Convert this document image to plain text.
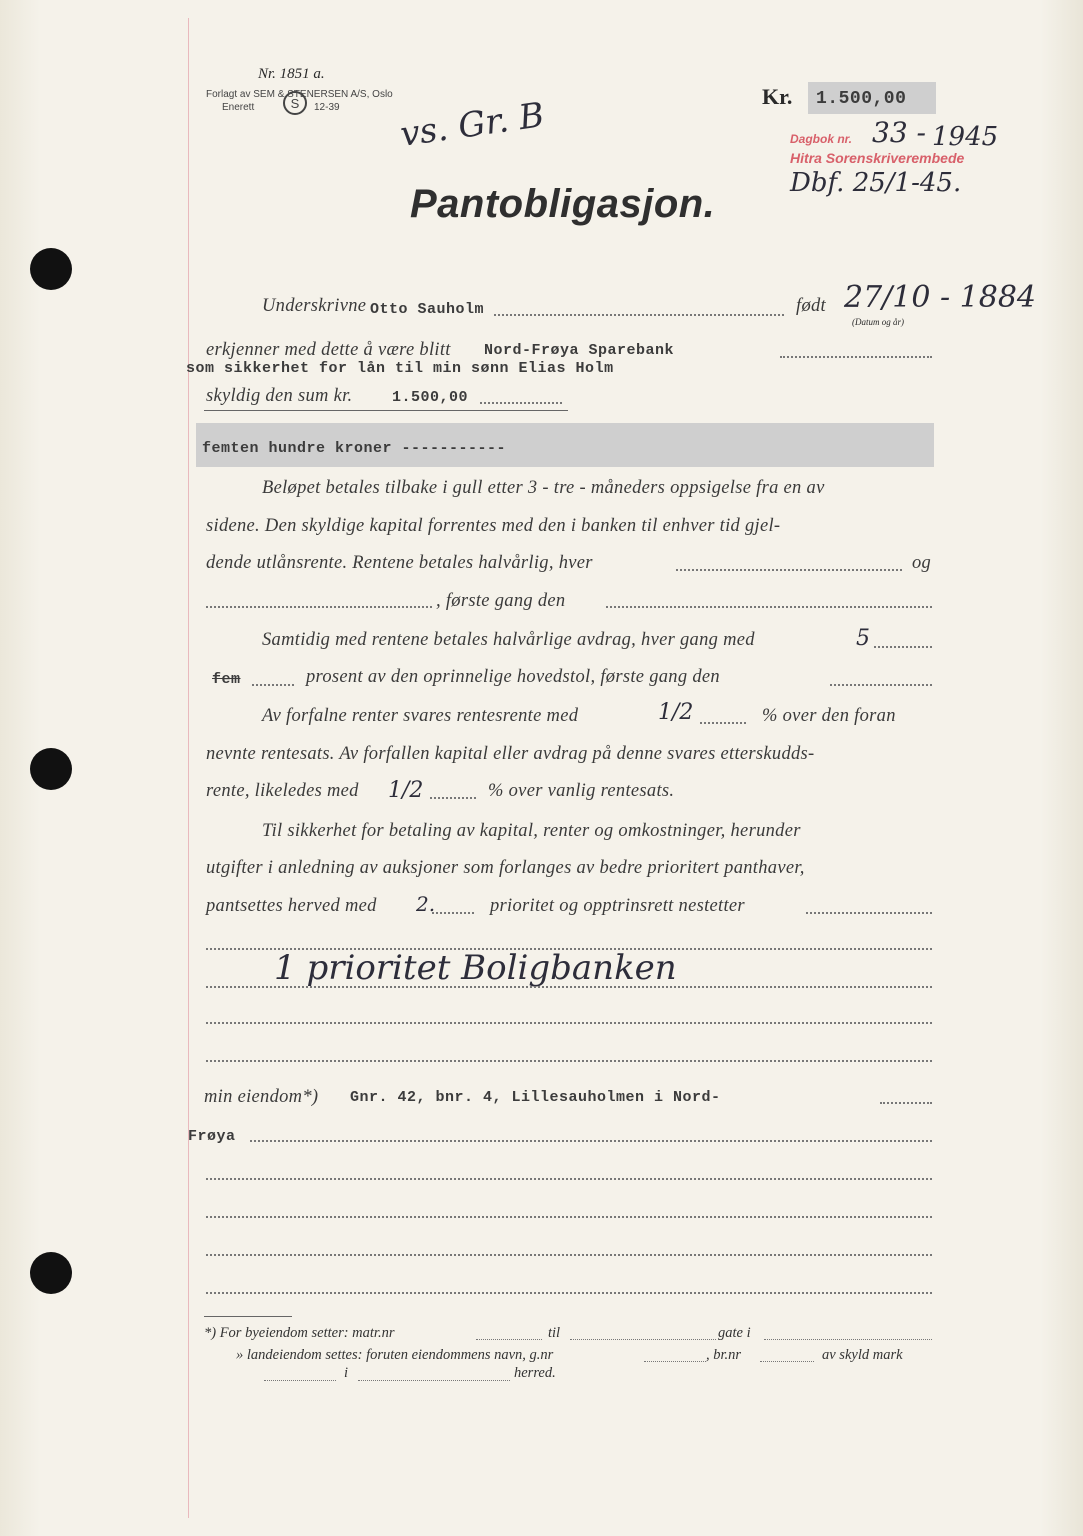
Nr. 1851 a.
Forlagt av SEM & STENERSEN A/S, Oslo
Enerett	S 12-39 vs. Gr. B	Kr. 1.500,00
Dagbok nr. 33 - 1945
Hitra Sorenskriverembede
Dbf. 25/1-45.
Pantobligasjon.
Underskrivne Otto Sauholm	født 27/10 - 1884
(Datum og år)
erkjenner med dette å være blitt Nord-Frøya Sparebank
som sikkerhet for lån til min sønn Elias Holm
skyldig den sum kr.	1.500,00
femten hundre kroner -----------
Beløpet betales tilbake i gull etter 3 - tre - måneders oppsigelse fra en av
sidene. Den skyldige kapital forrentes med den i banken til enhver tid gjel-
dende utlånsrente. Rentene betales halvårlig, hver	og
, første gang den
Samtidig med rentene betales halvårlige avdrag, hver gang med	5
fem	prosent av den oprinnelige hovedstol, første gang den
Av forfalne renter svares rentesrente med	1/2	% over den foran
nevnte rentesats. Av forfallen kapital eller avdrag på denne svares etterskudds-
rente, likeledes med 1/2	% over vanlig rentesats.
Til sikkerhet for betaling av kapital, renter og omkostninger, herunder
utgifter i anledning av auksjoner som forlanges av bedre prioritert panthaver,
pantsettes herved med 2.	prioritet og opptrinsrett nestetter
1 prioritet Boligbanken
min eiendom*) Gnr. 42, bnr. 4, Lillesauholmen i Nord-
Frøya
*) For byeiendom setter: matr.nr	til	gate i
» landeiendom settes: foruten eiendommens navn, g.nr	, br.nr	av skyld mark
i	herred.
